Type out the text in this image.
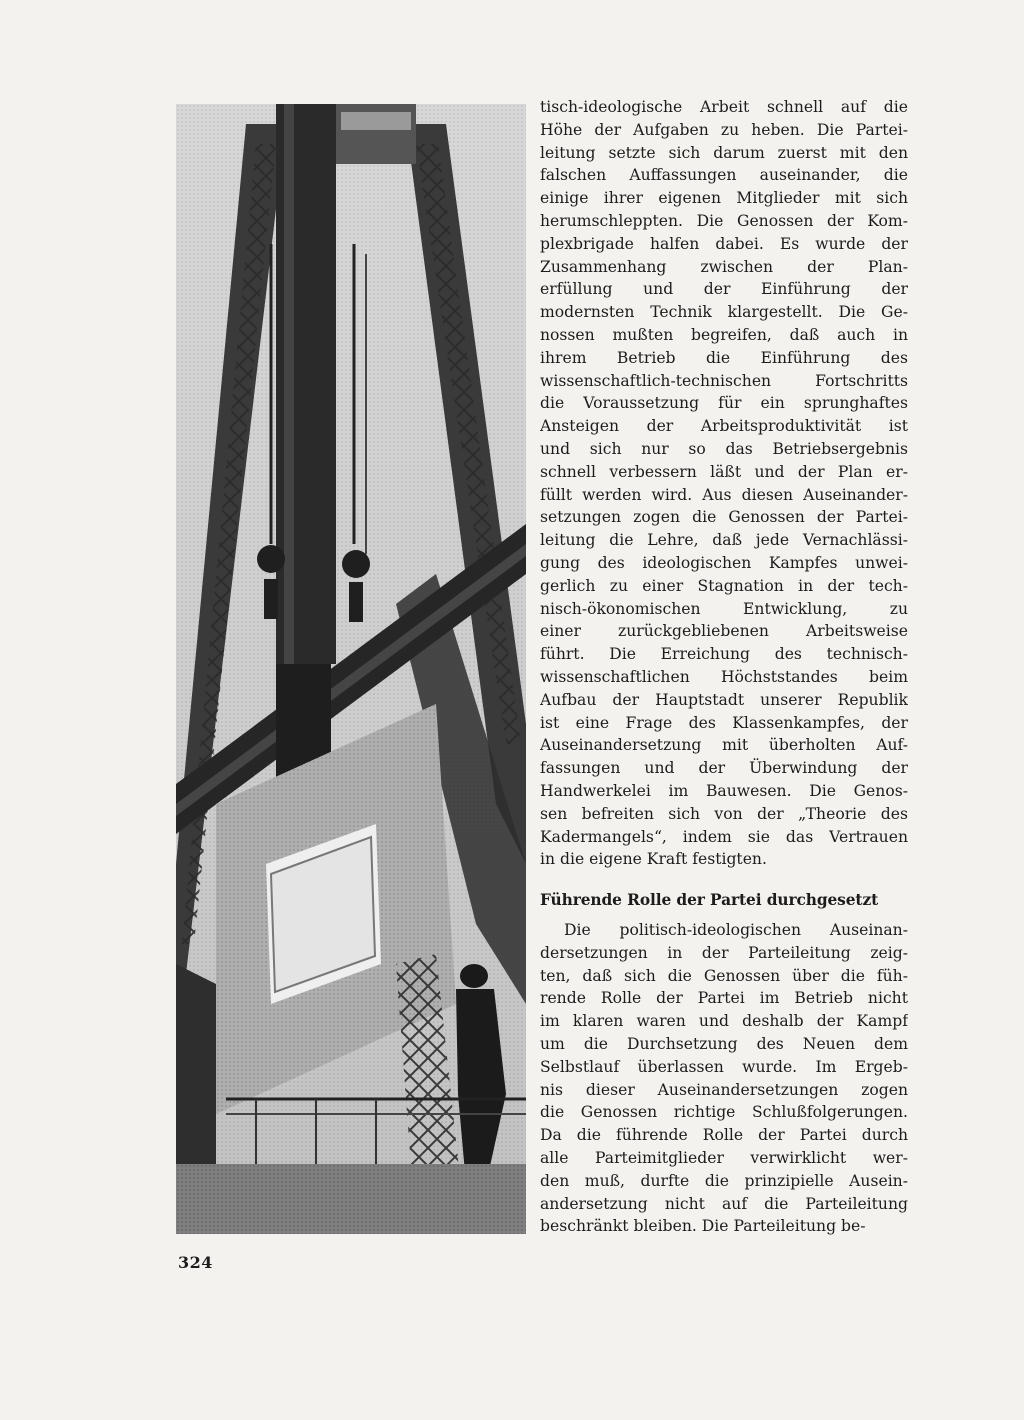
tisch-ideologische Arbeit schnell auf die
Höhe der Aufgaben zu heben. Die Partei-
leitung setzte sich darum zuerst mit den
falschen Auffassungen auseinander, die
einige ihrer eigenen Mitglieder mit sich
herumschleppten. Die Genossen der Kom-
plexbrigade halfen dabei. Es wurde der
Zusammenhang zwischen der Plan-
erfüllung und der Einführung der
modernsten Technik klargestellt. Die Ge-
nossen mußten begreifen, daß auch in
ihrem Betrieb die Einführung des
wissenschaftlich-technischen Fortschritts
die Voraussetzung für ein sprunghaftes
Ansteigen der Arbeitsproduktivität ist
und sich nur so das Betriebsergebnis
schnell verbessern läßt und der Plan er-
füllt werden wird. Aus diesen Auseinander-
setzungen zogen die Genossen der Partei-
leitung die Lehre, daß jede Vernachlässi-
gung des ideologischen Kampfes unwei-
gerlich zu einer Stagnation in der tech-
nisch-ökonomischen Entwicklung, zu
einer zurückgebliebenen Arbeitsweise
führt. Die Erreichung des technisch-
wissenschaftlichen Höchststandes beim
Aufbau der Hauptstadt unserer Republik
ist eine Frage des Klassenkampfes, der
Auseinandersetzung mit überholten Auf-
fassungen und der Überwindung der
Handwerkelei im Bauwesen. Die Genos-
sen befreiten sich von der „Theorie des
Kadermangels“, indem sie das Vertrauen
in die eigene Kraft festigten.
Führende Rolle der Partei durchgesetzt
Die politisch-ideologischen Auseinan-
dersetzungen in der Parteileitung zeig-
ten, daß sich die Genossen über die füh-
rende Rolle der Partei im Betrieb nicht
im klaren waren und deshalb der Kampf
um die Durchsetzung des Neuen dem
Selbstlauf überlassen wurde. Im Ergeb-
nis dieser Auseinandersetzungen zogen
die Genossen richtige Schlußfolgerungen.
Da die führende Rolle der Partei durch
alle Parteimitglieder verwirklicht wer-
den muß, durfte die prinzipielle Ausein-
andersetzung nicht auf die Parteileitung
beschränkt bleiben. Die Parteileitung be-
324
